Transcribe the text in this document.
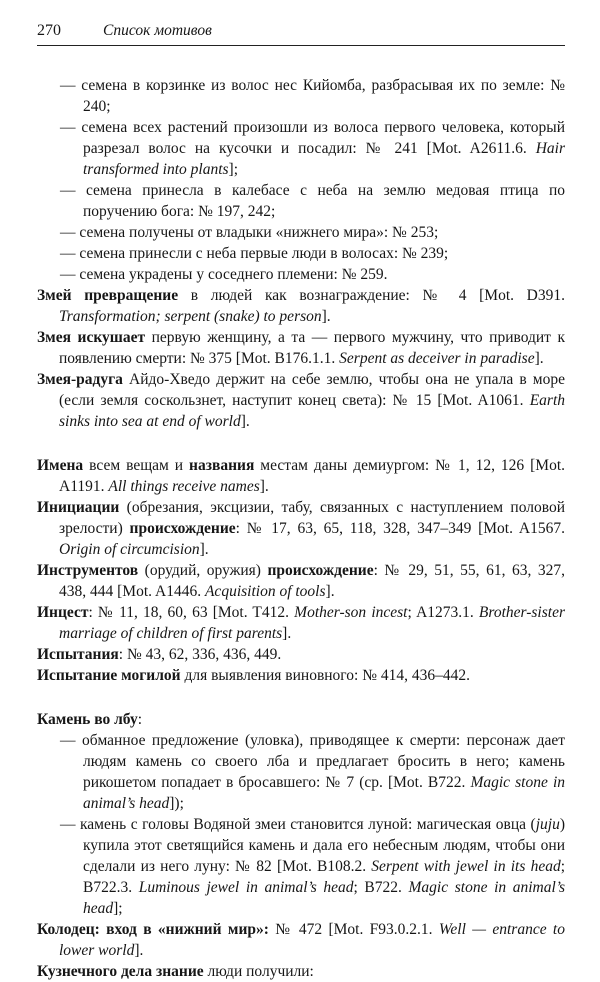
270	Список мотивов
— семена в корзинке из волос нес Кийомба, разбрасывая их по земле: № 240;
— семена всех растений произошли из волоса первого человека, который разрезал волос на кусочки и посадил: № 241 [Mot. A2611.6. Hair transformed into plants];
— семена принесла в калебасе с неба на землю медовая птица по поручению бога: № 197, 242;
— семена получены от владыки «нижнего мира»: № 253;
— семена принесли с неба первые люди в волосах: № 239;
— семена украдены у соседнего племени: № 259.
Змей превращение в людей как вознаграждение: № 4 [Mot. D391. Transformation; serpent (snake) to person].
Змея искушает первую женщину, а та — первого мужчину, что приводит к появлению смерти: № 375 [Mot. B176.1.1. Serpent as deceiver in paradise].
Змея-радуга Айдо-Хведо держит на себе землю, чтобы она не упала в море (если земля соскользнет, наступит конец света): № 15 [Mot. A1061. Earth sinks into sea at end of world].
Имена всем вещам и названия местам даны демиургом: № 1, 12, 126 [Mot. A1191. All things receive names].
Инициации (обрезания, эксцизии, табу, связанных с наступлением половой зрелости) происхождение: № 17, 63, 65, 118, 328, 347–349 [Mot. A1567. Origin of circumcision].
Инструментов (орудий, оружия) происхождение: № 29, 51, 55, 61, 63, 327, 438, 444 [Mot. A1446. Acquisition of tools].
Инцест: № 11, 18, 60, 63 [Mot. T412. Mother-son incest; A1273.1. Brother-sister marriage of children of first parents].
Испытания: № 43, 62, 336, 436, 449.
Испытание могилой для выявления виновного: № 414, 436–442.
Камень во лбу:
— обманное предложение (уловка), приводящее к смерти: персонаж дает людям камень со своего лба и предлагает бросить в него; камень рикошетом попадает в бросавшего: № 7 (ср. [Mot. B722. Magic stone in animal’s head]);
— камень с головы Водяной змеи становится луной: магическая овца (juju) купила этот светящийся камень и дала его небесным людям, чтобы они сделали из него луну: № 82 [Mot. B108.2. Serpent with jewel in its head; B722.3. Luminous jewel in animal’s head; B722. Magic stone in animal’s head];
Колодец: вход в «нижний мир»: № 472 [Mot. F93.0.2.1. Well — entrance to lower world].
Кузнечного дела знание люди получили:
